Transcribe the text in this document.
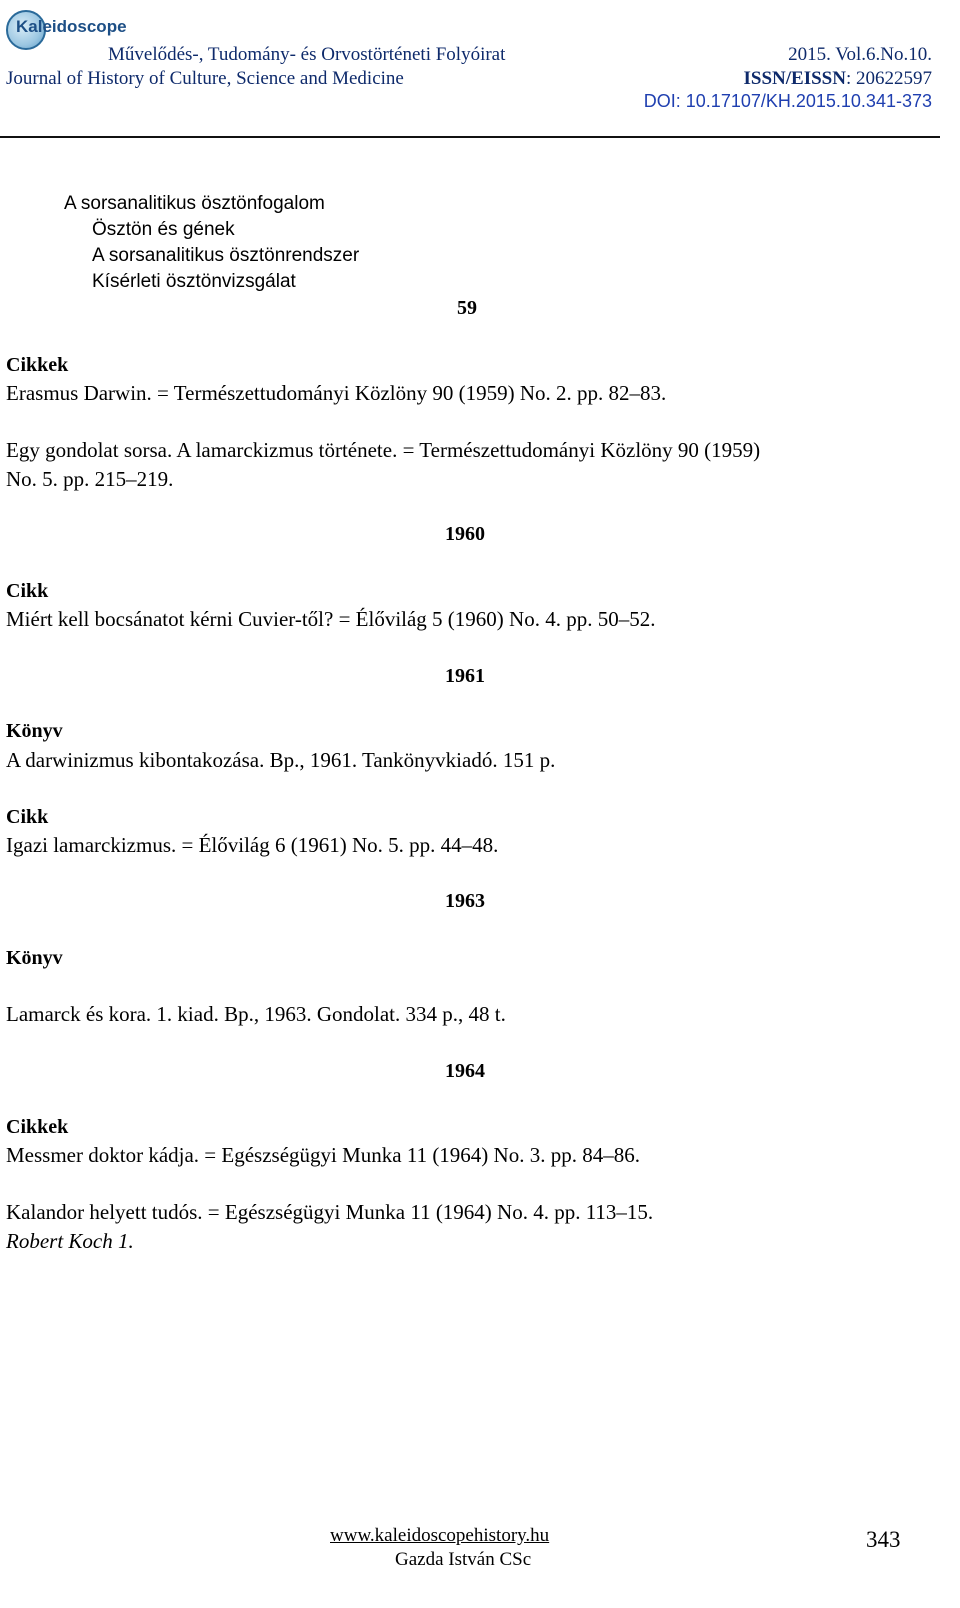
Kaleidoscope
Művelődés-, Tudomány- és Orvostörténeti Folyóirat
Journal of History of Culture, Science and Medicine
2015. Vol.6.No.10.
ISSN/EISSN: 20622597
DOI: 10.17107/KH.2015.10.341-373
A sorsanalitikus ösztönfogalom
Ösztön és gének
A sorsanalitikus ösztönrendszer
Kísérleti ösztönvizsgálat
59
Cikkek
Erasmus Darwin. = Természettudományi Közlöny 90 (1959) No. 2. pp. 82–83.
Egy gondolat sorsa. A lamarckizmus története. = Természettudományi Közlöny 90 (1959)
No. 5. pp. 215–219.
1960
Cikk
Miért kell bocsánatot kérni Cuvier-től? = Élővilág 5 (1960) No. 4. pp. 50–52.
1961
Könyv
A darwinizmus kibontakozása. Bp., 1961. Tankönyvkiadó. 151 p.
Cikk
Igazi lamarckizmus. = Élővilág 6 (1961) No. 5. pp. 44–48.
1963
Könyv
Lamarck és kora. 1. kiad. Bp., 1963. Gondolat. 334 p., 48 t.
1964
Cikkek
Messmer doktor kádja. = Egészségügyi Munka 11 (1964) No. 3. pp. 84–86.
Kalandor helyett tudós. = Egészségügyi Munka 11 (1964) No. 4. pp. 113–15.
Robert Koch 1.
www.kaleidoscopehistory.hu
Gazda István CSc
343
